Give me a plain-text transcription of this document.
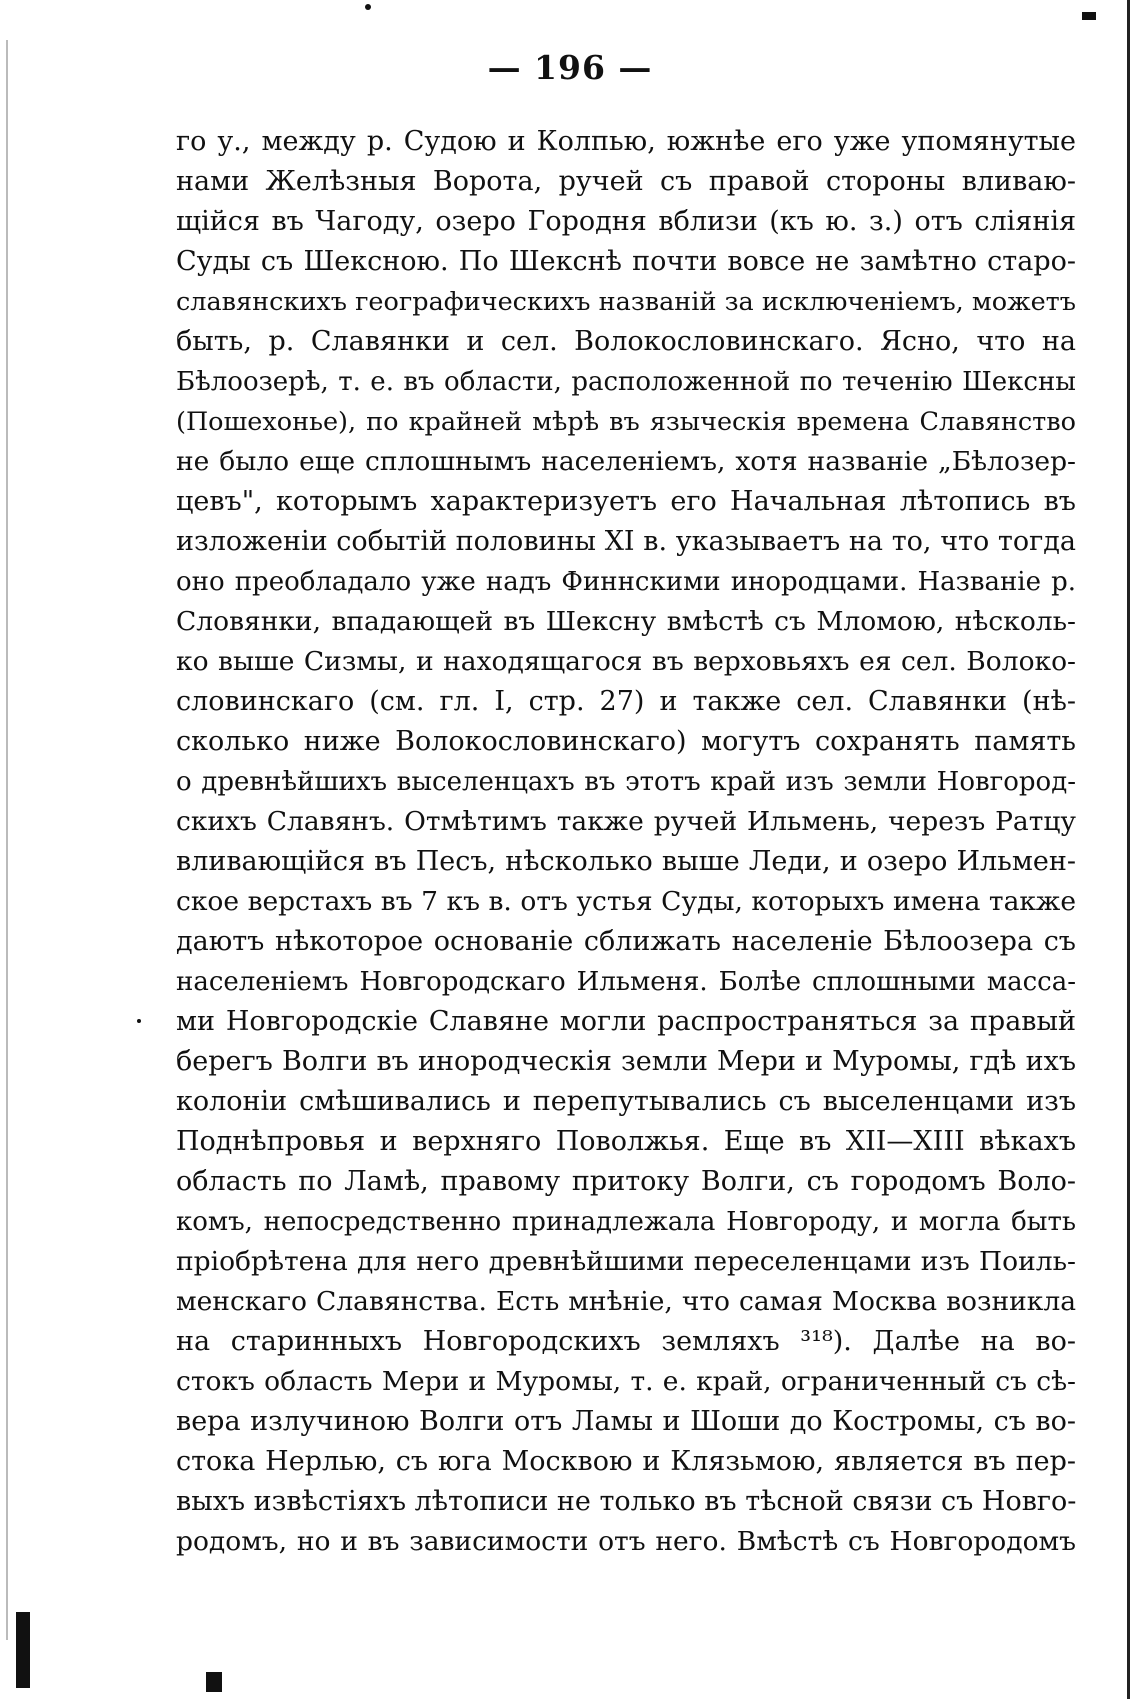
— 196 —
го у., между р. Судою и Колпью, южнѣе его уже упомянутые
нами Желѣзныя Ворота, ручей съ правой стороны вливаю-
щійся въ Чагоду, озеро Городня вблизи (къ ю. з.) отъ сліянія
Суды съ Шексною. По Шекснѣ почти вовсе не замѣтно старо-
славянскихъ географическихъ названій за исключеніемъ, можетъ
быть, р. Славянки и сел. Волокословинскаго. Ясно, что на
Бѣлоозерѣ, т. е. въ области, расположенной по теченію Шексны
(Пошехонье), по крайней мѣрѣ въ языческія времена Славянство
не было еще сплошнымъ населеніемъ, хотя названіе „Бѣлозер-
цевъ", которымъ характеризуетъ его Начальная лѣтопись въ
изложеніи событій половины XI в. указываетъ на то, что тогда
оно преобладало уже надъ Финнскими инородцами. Названіе р.
Словянки, впадающей въ Шексну вмѣстѣ съ Мломою, нѣсколь-
ко выше Сизмы, и находящагося въ верховьяхъ ея сел. Волоко-
словинскаго (см. гл. I, стр. 27) и также сел. Славянки (нѣ-
сколько ниже Волокословинскаго) могутъ сохранять память
о древнѣйшихъ выселенцахъ въ этотъ край изъ земли Новгород-
скихъ Славянъ. Отмѣтимъ также ручей Ильмень, черезъ Ратцу
вливающійся въ Песъ, нѣсколько выше Леди, и озеро Ильмен-
ское верстахъ въ 7 къ в. отъ устья Суды, которыхъ имена также
даютъ нѣкоторое основаніе сближать населеніе Бѣлоозера съ
населеніемъ Новгородскаго Ильменя. Болѣе сплошными масса-
ми Новгородскіе Славяне могли распространяться за правый
берегъ Волги въ инородческія земли Мери и Муромы, гдѣ ихъ
колоніи смѣшивались и перепутывались съ выселенцами изъ
Поднѣпровья и верхняго Поволжья. Еще въ XII—XIII вѣкахъ
область по Ламѣ, правому притоку Волги, съ городомъ Воло-
комъ, непосредственно принадлежала Новгороду, и могла быть
пріобрѣтена для него древнѣйшими переселенцами изъ Поиль-
менскаго Славянства. Есть мнѣніе, что самая Москва возникла
на старинныхъ Новгородскихъ земляхъ ³¹⁸). Далѣе на во-
стокъ область Мери и Муромы, т. е. край, ограниченный съ сѣ-
вера излучиною Волги отъ Ламы и Шоши до Костромы, съ во-
стока Нерлью, съ юга Москвою и Клязьмою, является въ пер-
выхъ извѣстіяхъ лѣтописи не только въ тѣсной связи съ Новго-
родомъ, но и въ зависимости отъ него. Вмѣстѣ съ Новгородомъ
